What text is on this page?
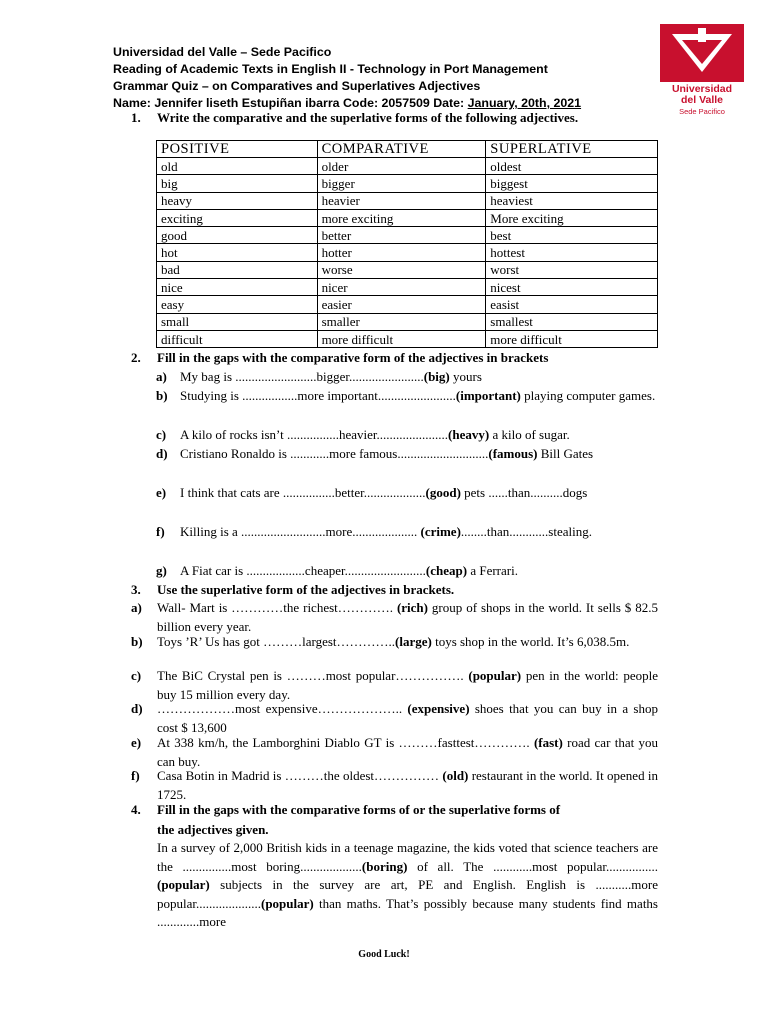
Universidad del Valle – Sede Pacifico
Reading of Academic Texts in English II - Technology in Port Management
Grammar Quiz – on Comparatives and Superlatives Adjectives
Name: Jennifer liseth Estupiñan ibarra Code: 2057509 Date: January, 20th, 2021
Universidad
del Valle
Sede Pacifico
1. Write the comparative and the superlative forms of the following adjectives.
POSITIVE	COMPARATIVE	SUPERLATIVE
old	older	oldest
big	bigger	biggest
heavy	heavier	heaviest
exciting	more exciting	More exciting
good	better	best
hot	hotter	hottest
bad	worse	worst
nice	nicer	nicest
easy	easier	easist
small	smaller	smallest
difficult	more difficult	more difficult
2. Fill in the gaps with the comparative form of the adjectives in brackets
a) My bag is .........................bigger.......................(big) yours
b) Studying is .................more important........................(important) playing computer games.
c) A kilo of rocks isn’t ................heavier......................(heavy) a kilo of sugar.
d) Cristiano Ronaldo is ............more famous............................(famous) Bill Gates
e) I think that cats are ................better...................(good) pets ......than..........dogs
f) Killing is a ..........................more.................... (crime)........than............stealing.
g) A Fiat car is ..................cheaper.........................(cheap) a Ferrari.
3. Use the superlative form of the adjectives in brackets.
a) Wall- Mart is …………the richest…………. (rich) group of shops in the world. It sells $ 82.5 billion every year.
b) Toys ’R’ Us has got ………largest…………..(large) toys shop in the world. It’s 6,038.5m.
c) The BiC Crystal pen is ………most popular……………. (popular) pen in the world: people buy 15 million every day.
d) ………………most expensive……………….. (expensive) shoes that you can buy in a shop cost $ 13,600
e) At 338 km/h, the Lamborghini Diablo GT is ………fasttest…………. (fast) road car that you can buy.
f) Casa Botin in Madrid is ………the oldest…………… (old) restaurant in the world. It opened in 1725.
4. Fill in the gaps with the comparative forms of or the superlative forms of
the adjectives given.
In a survey of 2,000 British kids in a teenage magazine, the kids voted that science teachers are the ...............most boring...................(boring) of all. The ............most popular................(popular) subjects in the survey are art, PE and English. English is ...........more popular....................(popular) than maths. That’s possibly because many students find maths .............more
Good Luck!
